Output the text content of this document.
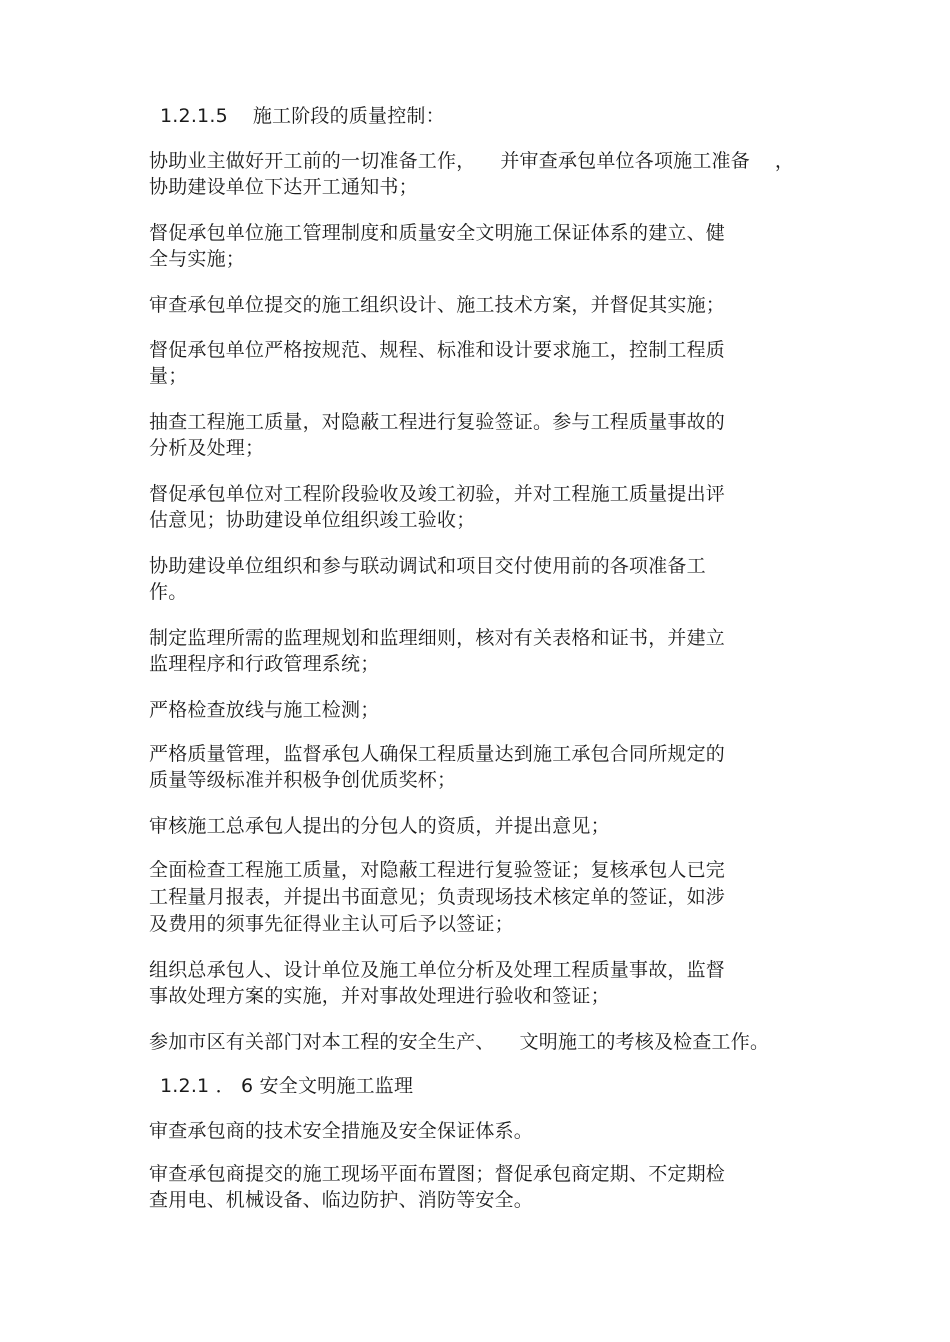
1.2.1.5    施工阶段的质量控制：
协助业主做好开工前的一切准备工作，    并审查承包单位各项施工准备    ，
协助建设单位下达开工通知书；
督促承包单位施工管理制度和质量安全文明施工保证体系的建立、健
全与实施；
审查承包单位提交的施工组织设计、施工技术方案，并督促其实施；
督促承包单位严格按规范、规程、标准和设计要求施工，控制工程质
量；
抽查工程施工质量，对隐蔽工程进行复验签证。参与工程质量事故的
分析及处理；
督促承包单位对工程阶段验收及竣工初验，并对工程施工质量提出评
估意见；协助建设单位组织竣工验收；
协助建设单位组织和参与联动调试和项目交付使用前的各项准备工
作。
制定监理所需的监理规划和监理细则，核对有关表格和证书，并建立
监理程序和行政管理系统；
严格检查放线与施工检测；
严格质量管理，监督承包人确保工程质量达到施工承包合同所规定的
质量等级标准并积极争创优质奖杯；
审核施工总承包人提出的分包人的资质，并提出意见；
全面检查工程施工质量，对隐蔽工程进行复验签证；复核承包人已完
工程量月报表，并提出书面意见；负责现场技术核定单的签证，如涉
及费用的须事先征得业主认可后予以签证；
组织总承包人、设计单位及施工单位分析及处理工程质量事故，监督
事故处理方案的实施，并对事故处理进行验收和签证；
参加市区有关部门对本工程的安全生产、    文明施工的考核及检查工作。
1.2.1 ． 6 安全文明施工监理
审查承包商的技术安全措施及安全保证体系。
审查承包商提交的施工现场平面布置图；督促承包商定期、不定期检
查用电、机械设备、临边防护、消防等安全。
